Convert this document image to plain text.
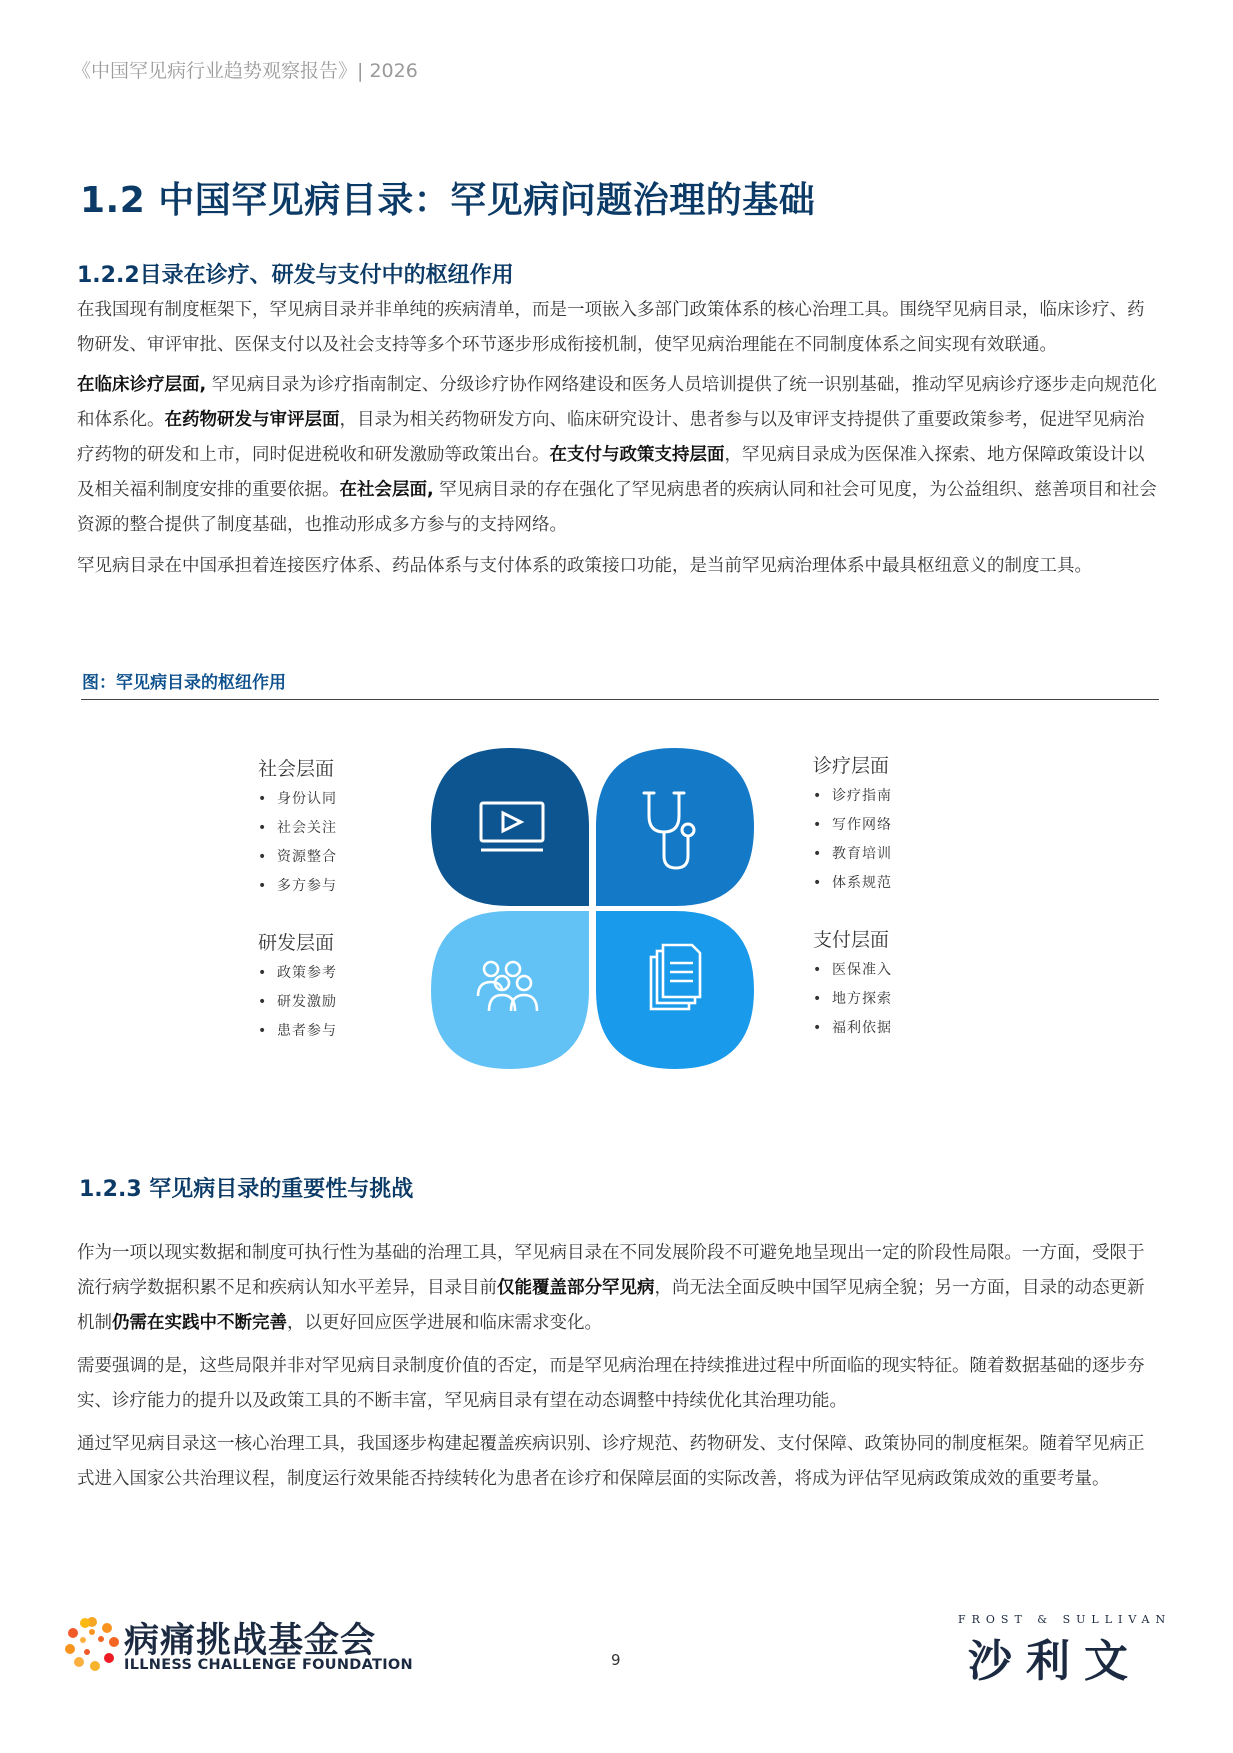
《中国罕见病行业趋势观察报告》| 2026
1.2 中国罕见病目录：罕见病问题治理的基础
1.2.2目录在诊疗、研发与支付中的枢纽作用
在我国现有制度框架下，罕见病目录并非单纯的疾病清单，而是一项嵌入多部门政策体系的核心治理工具。围绕罕见病目录，临床诊疗、药物研发、审评审批、医保支付以及社会支持等多个环节逐步形成衔接机制，使罕见病治理能在不同制度体系之间实现有效联通。
在临床诊疗层面, 罕见病目录为诊疗指南制定、分级诊疗协作网络建设和医务人员培训提供了统一识别基础，推动罕见病诊疗逐步走向规范化和体系化。在药物研发与审评层面，目录为相关药物研发方向、临床研究设计、患者参与以及审评支持提供了重要政策参考，促进罕见病治疗药物的研发和上市，同时促进税收和研发激励等政策出台。在支付与政策支持层面，罕见病目录成为医保准入探索、地方保障政策设计以及相关福利制度安排的重要依据。在社会层面, 罕见病目录的存在强化了罕见病患者的疾病认同和社会可见度，为公益组织、慈善项目和社会资源的整合提供了制度基础，也推动形成多方参与的支持网络。
罕见病目录在中国承担着连接医疗体系、药品体系与支付体系的政策接口功能，是当前罕见病治理体系中最具枢纽意义的制度工具。
图：罕见病目录的枢纽作用
社会层面
• 身份认同
• 社会关注
• 资源整合
• 多方参与
研发层面
• 政策参考
• 研发激励
• 患者参与
诊疗层面
• 诊疗指南
• 写作网络
• 教育培训
• 体系规范
支付层面
• 医保准入
• 地方探索
• 福利依据
1.2.3 罕见病目录的重要性与挑战
作为一项以现实数据和制度可执行性为基础的治理工具，罕见病目录在不同发展阶段不可避免地呈现出一定的阶段性局限。一方面，受限于流行病学数据积累不足和疾病认知水平差异，目录目前仅能覆盖部分罕见病，尚无法全面反映中国罕见病全貌；另一方面，目录的动态更新机制仍需在实践中不断完善，以更好回应医学进展和临床需求变化。
需要强调的是，这些局限并非对罕见病目录制度价值的否定，而是罕见病治理在持续推进过程中所面临的现实特征。随着数据基础的逐步夯实、诊疗能力的提升以及政策工具的不断丰富，罕见病目录有望在动态调整中持续优化其治理功能。
通过罕见病目录这一核心治理工具，我国逐步构建起覆盖疾病识别、诊疗规范、药物研发、支付保障、政策协同的制度框架。随着罕见病正式进入国家公共治理议程，制度运行效果能否持续转化为患者在诊疗和保障层面的实际改善，将成为评估罕见病政策成效的重要考量。
病痛挑战基金会
ILLNESS CHALLENGE FOUNDATION	9
FROST & SULLIVAN
沙利文
